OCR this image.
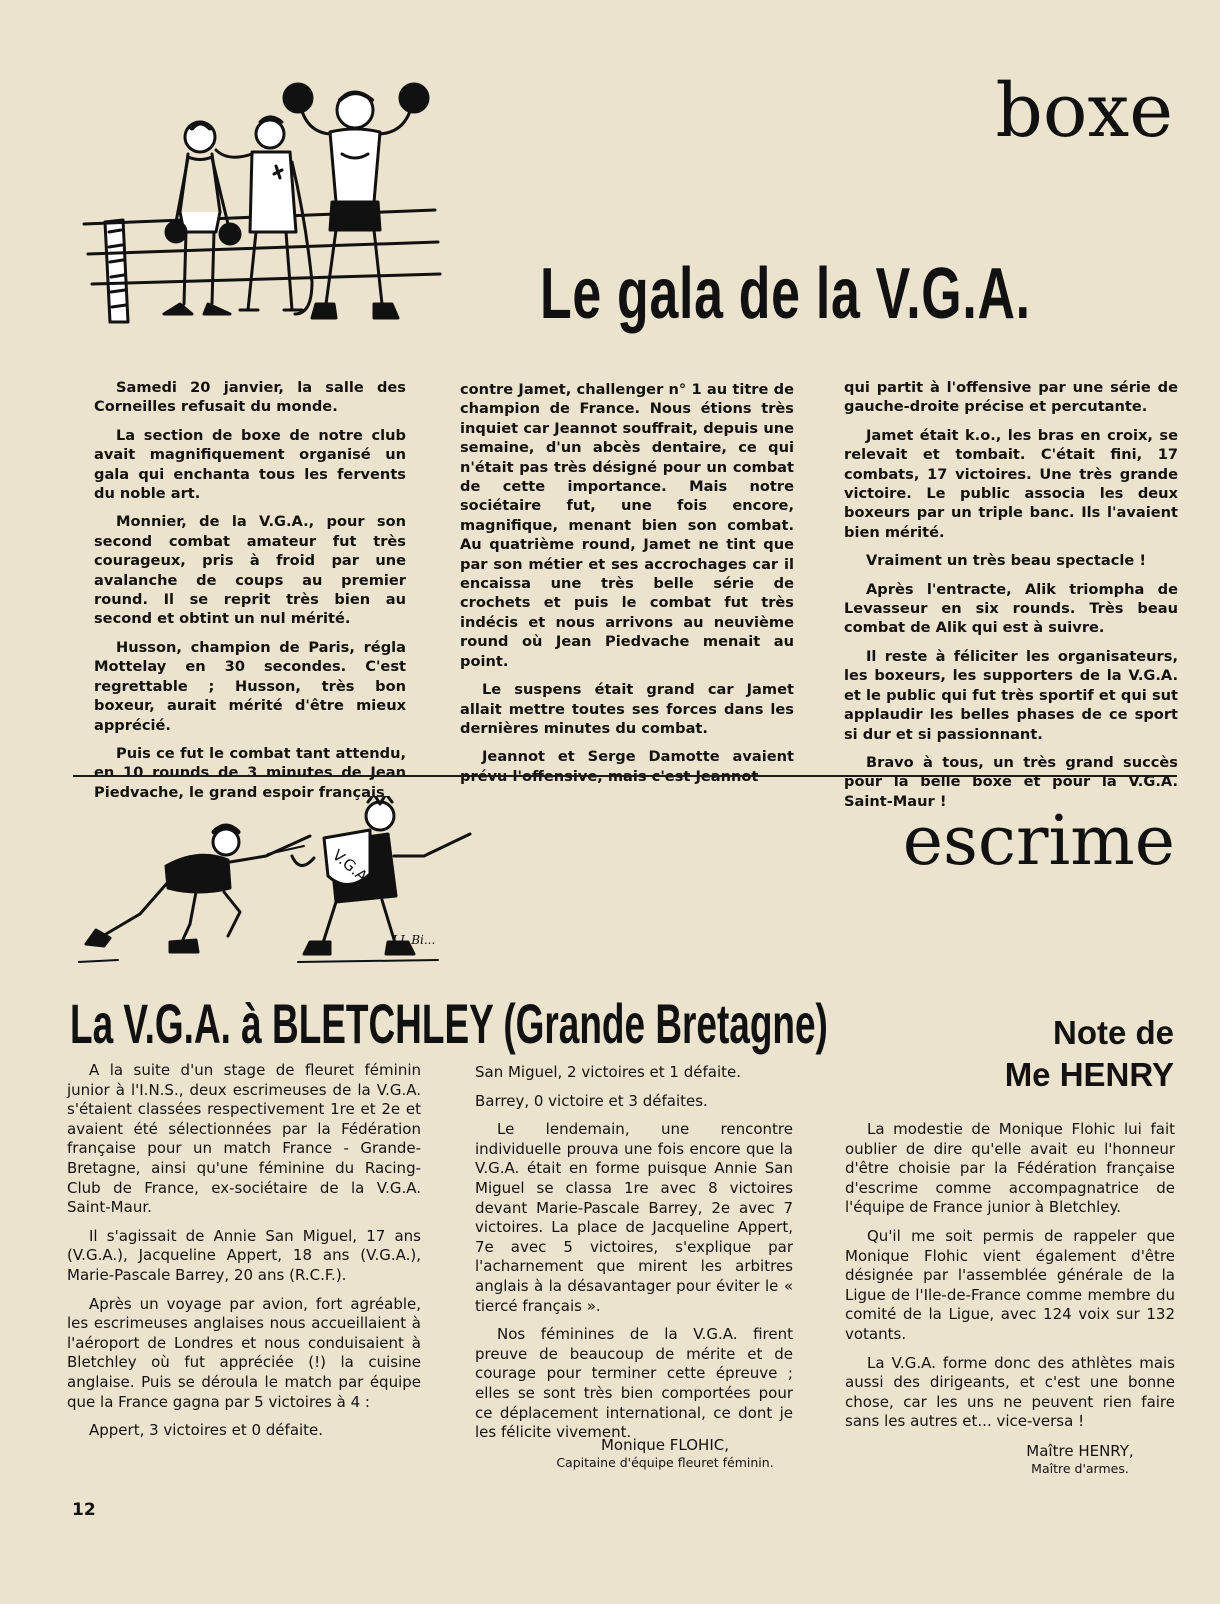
boxe
Le gala de la V.G.A.

Samedi 20 janvier, la salle des Corneilles refusait du monde.

La section de boxe de notre club avait magnifiquement organisé un gala qui enchanta tous les fervents du noble art.

Monnier, de la V.G.A., pour son second combat amateur fut très courageux, pris à froid par une avalanche de coups au premier round. Il se reprit très bien au second et obtint un nul mérité.

Husson, champion de Paris, régla Mottelay en 30 secondes. C'est regrettable ; Husson, très bon boxeur, aurait mérité d'être mieux apprécié.

Puis ce fut le combat tant attendu, en 10 rounds de 3 minutes de Jean Piedvache, le grand espoir français

contre Jamet, challenger n° 1 au titre de champion de France. Nous étions très inquiet car Jeannot souffrait, depuis une semaine, d'un abcès dentaire, ce qui n'était pas très désigné pour un combat de cette importance. Mais notre sociétaire fut, une fois encore, magnifique, menant bien son combat. Au quatrième round, Jamet ne tint que par son métier et ses accrochages car il encaissa une très belle série de crochets et puis le combat fut très indécis et nous arrivons au neuvième round où Jean Piedvache menait au point.

Le suspens était grand car Jamet allait mettre toutes ses forces dans les dernières minutes du combat.

Jeannot et Serge Damotte avaient prévu l'offensive, mais c'est Jeannot

qui partit à l'offensive par une série de gauche-droite précise et percutante.

Jamet était k.o., les bras en croix, se relevait et tombait. C'était fini, 17 combats, 17 victoires. Une très grande victoire. Le public associa les deux boxeurs par un triple banc. Ils l'avaient bien mérité.

Vraiment un très beau spectacle !

Après l'entracte, Alik triompha de Levasseur en six rounds. Très beau combat de Alik qui est à suivre.

Il reste à féliciter les organisateurs, les boxeurs, les supporters de la V.G.A. et le public qui fut très sportif et qui sut applaudir les belles phases de ce sport si dur et si passionnant.

Bravo à tous, un très grand succès pour la belle boxe et pour la V.G.A. Saint-Maur !

V.G.A
J.J. Bi...
escrime
La V.G.A. à BLETCHLEY (Grande Bretagne)

A la suite d'un stage de fleuret féminin junior à l'I.N.S., deux escrimeuses de la V.G.A. s'étaient classées respectivement 1re et 2e et avaient été sélectionnées par la Fédération française pour un match France - Grande-Bretagne, ainsi qu'une féminine du Racing-Club de France, ex-sociétaire de la V.G.A. Saint-Maur.

Il s'agissait de Annie San Miguel, 17 ans (V.G.A.), Jacqueline Appert, 18 ans (V.G.A.), Marie-Pascale Barrey, 20 ans (R.C.F.).

Après un voyage par avion, fort agréable, les escrimeuses anglaises nous accueillaient à l'aéroport de Londres et nous conduisaient à Bletchley où fut appréciée (!) la cuisine anglaise. Puis se déroula le match par équipe que la France gagna par 5 victoires à 4 :

Appert, 3 victoires et 0 défaite.

San Miguel, 2 victoires et 1 défaite.

Barrey, 0 victoire et 3 défaites.

Le lendemain, une rencontre individuelle prouva une fois encore que la V.G.A. était en forme puisque Annie San Miguel se classa 1re avec 8 victoires devant Marie-Pascale Barrey, 2e avec 7 victoires. La place de Jacqueline Appert, 7e avec 5 victoires, s'explique par l'acharnement que mirent les arbitres anglais à la désavantager pour éviter le « tiercé français ».

Nos féminines de la V.G.A. firent preuve de beaucoup de mérite et de courage pour terminer cette épreuve ; elles se sont très bien comportées pour ce déplacement international, ce dont je les félicite vivement.

Monique FLOHIC,
Capitaine d'équipe fleuret féminin.
Note de
Me HENRY

La modestie de Monique Flohic lui fait oublier de dire qu'elle avait eu l'honneur d'être choisie par la Fédération française d'escrime comme accompagnatrice de l'équipe de France junior à Bletchley.

Qu'il me soit permis de rappeler que Monique Flohic vient également d'être désignée par l'assemblée générale de la Ligue de l'Ile-de-France comme membre du comité de la Ligue, avec 124 voix sur 132 votants.

La V.G.A. forme donc des athlètes mais aussi des dirigeants, et c'est une bonne chose, car les uns ne peuvent rien faire sans les autres et... vice-versa !

Maître HENRY,
Maître d'armes.
12
